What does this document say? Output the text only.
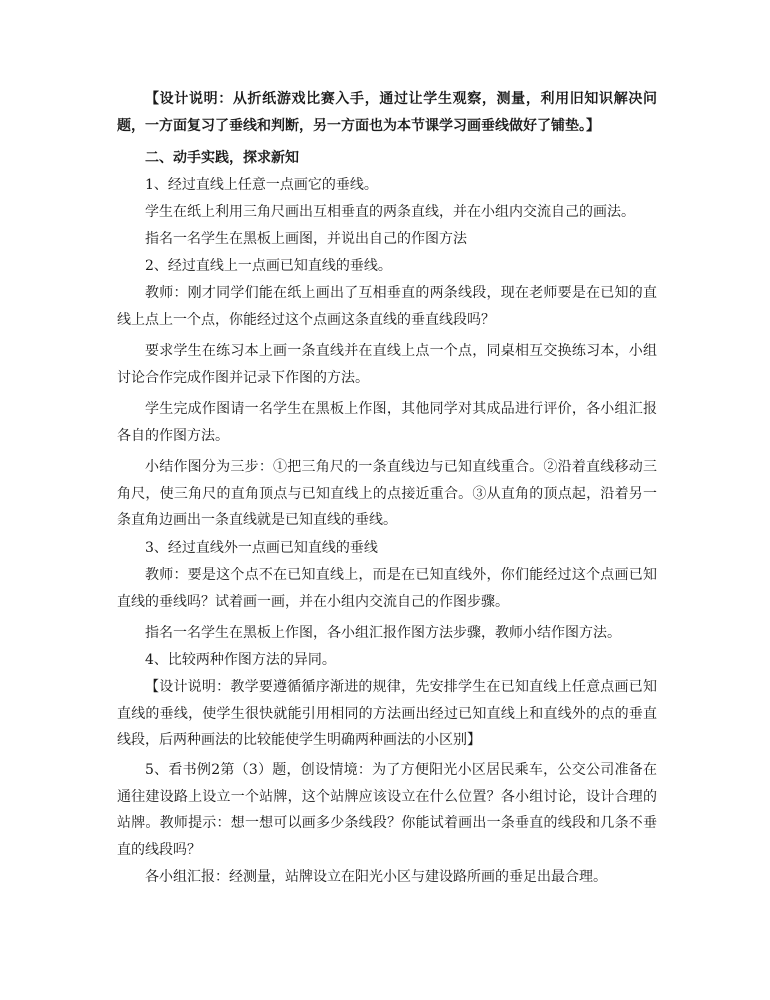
【设计说明：从折纸游戏比赛入手，通过让学生观察，测量，利用旧知识解决问题，一方面复习了垂线和判断，另一方面也为本节课学习画垂线做好了铺垫。】

二、动手实践，探求新知

1、经过直线上任意一点画它的垂线。

学生在纸上利用三角尺画出互相垂直的两条直线，并在小组内交流自己的画法。

指名一名学生在黑板上画图，并说出自己的作图方法

2、经过直线上一点画已知直线的垂线。

教师：刚才同学们能在纸上画出了互相垂直的两条线段，现在老师要是在已知的直线上点上一个点，你能经过这个点画这条直线的垂直线段吗？

要求学生在练习本上画一条直线并在直线上点一个点，同桌相互交换练习本，小组讨论合作完成作图并记录下作图的方法。

学生完成作图请一名学生在黑板上作图，其他同学对其成品进行评价，各小组汇报各自的作图方法。

小结作图分为三步：①把三角尺的一条直线边与已知直线重合。②沿着直线移动三角尺，使三角尺的直角顶点与已知直线上的点接近重合。③从直角的顶点起，沿着另一条直角边画出一条直线就是已知直线的垂线。

3、经过直线外一点画已知直线的垂线

教师：要是这个点不在已知直线上，而是在已知直线外，你们能经过这个点画已知直线的垂线吗？试着画一画，并在小组内交流自己的作图步骤。

指名一名学生在黑板上作图，各小组汇报作图方法步骤，教师小结作图方法。

4、比较两种作图方法的异同。

【设计说明：教学要遵循循序渐进的规律，先安排学生在已知直线上任意点画已知直线的垂线，使学生很快就能引用相同的方法画出经过已知直线上和直线外的点的垂直线段，后两种画法的比较能使学生明确两种画法的小区别】

5、看书例2第（3）题，创设情境：为了方便阳光小区居民乘车，公交公司准备在通往建设路上设立一个站牌，这个站牌应该设立在什么位置？各小组讨论，设计合理的站牌。教师提示：想一想可以画多少条线段？你能试着画出一条垂直的线段和几条不垂直的线段吗？

各小组汇报：经测量，站牌设立在阳光小区与建设路所画的垂足出最合理。
